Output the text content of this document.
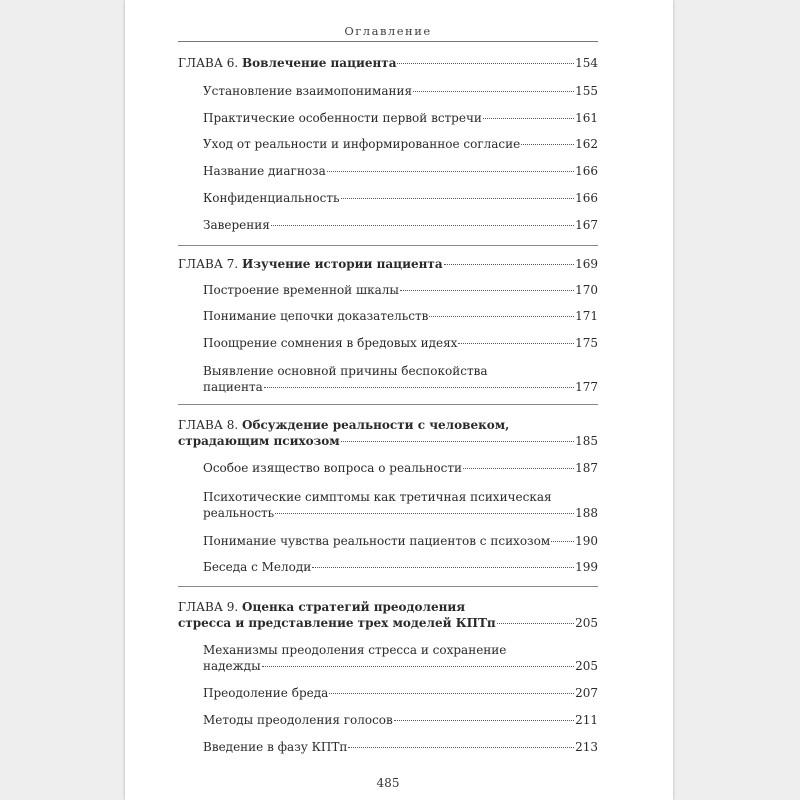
Оглавление
ГЛАВА 6. Вовлечение пациента	154
Установление взаимопонимания	155
Практические особенности первой встречи	161
Уход от реальности и информированное согласие	162
Название диагноза	166
Конфиденциальность	166
Заверения	167
ГЛАВА 7. Изучение истории пациента	169
Построение временной шкалы	170
Понимание цепочки доказательств	171
Поощрение сомнения в бредовых идеях	175
Выявление основной причины беспокойства
пациента	177
ГЛАВА 8. Обсуждение реальности с человеком,
страдающим психозом	185
Особое изящество вопроса о реальности	187
Психотические симптомы как третичная психическая
реальность	188
Понимание чувства реальности пациентов с психозом 190
Беседа с Мелоди	199
ГЛАВА 9. Оценка стратегий преодоления
стресса и представление трех моделей КПТп	205
Механизмы преодоления стресса и сохранение
надежды	205
Преодоление бреда	207
Методы преодоления голосов	211
Введение в фазу КПТп	213
485
